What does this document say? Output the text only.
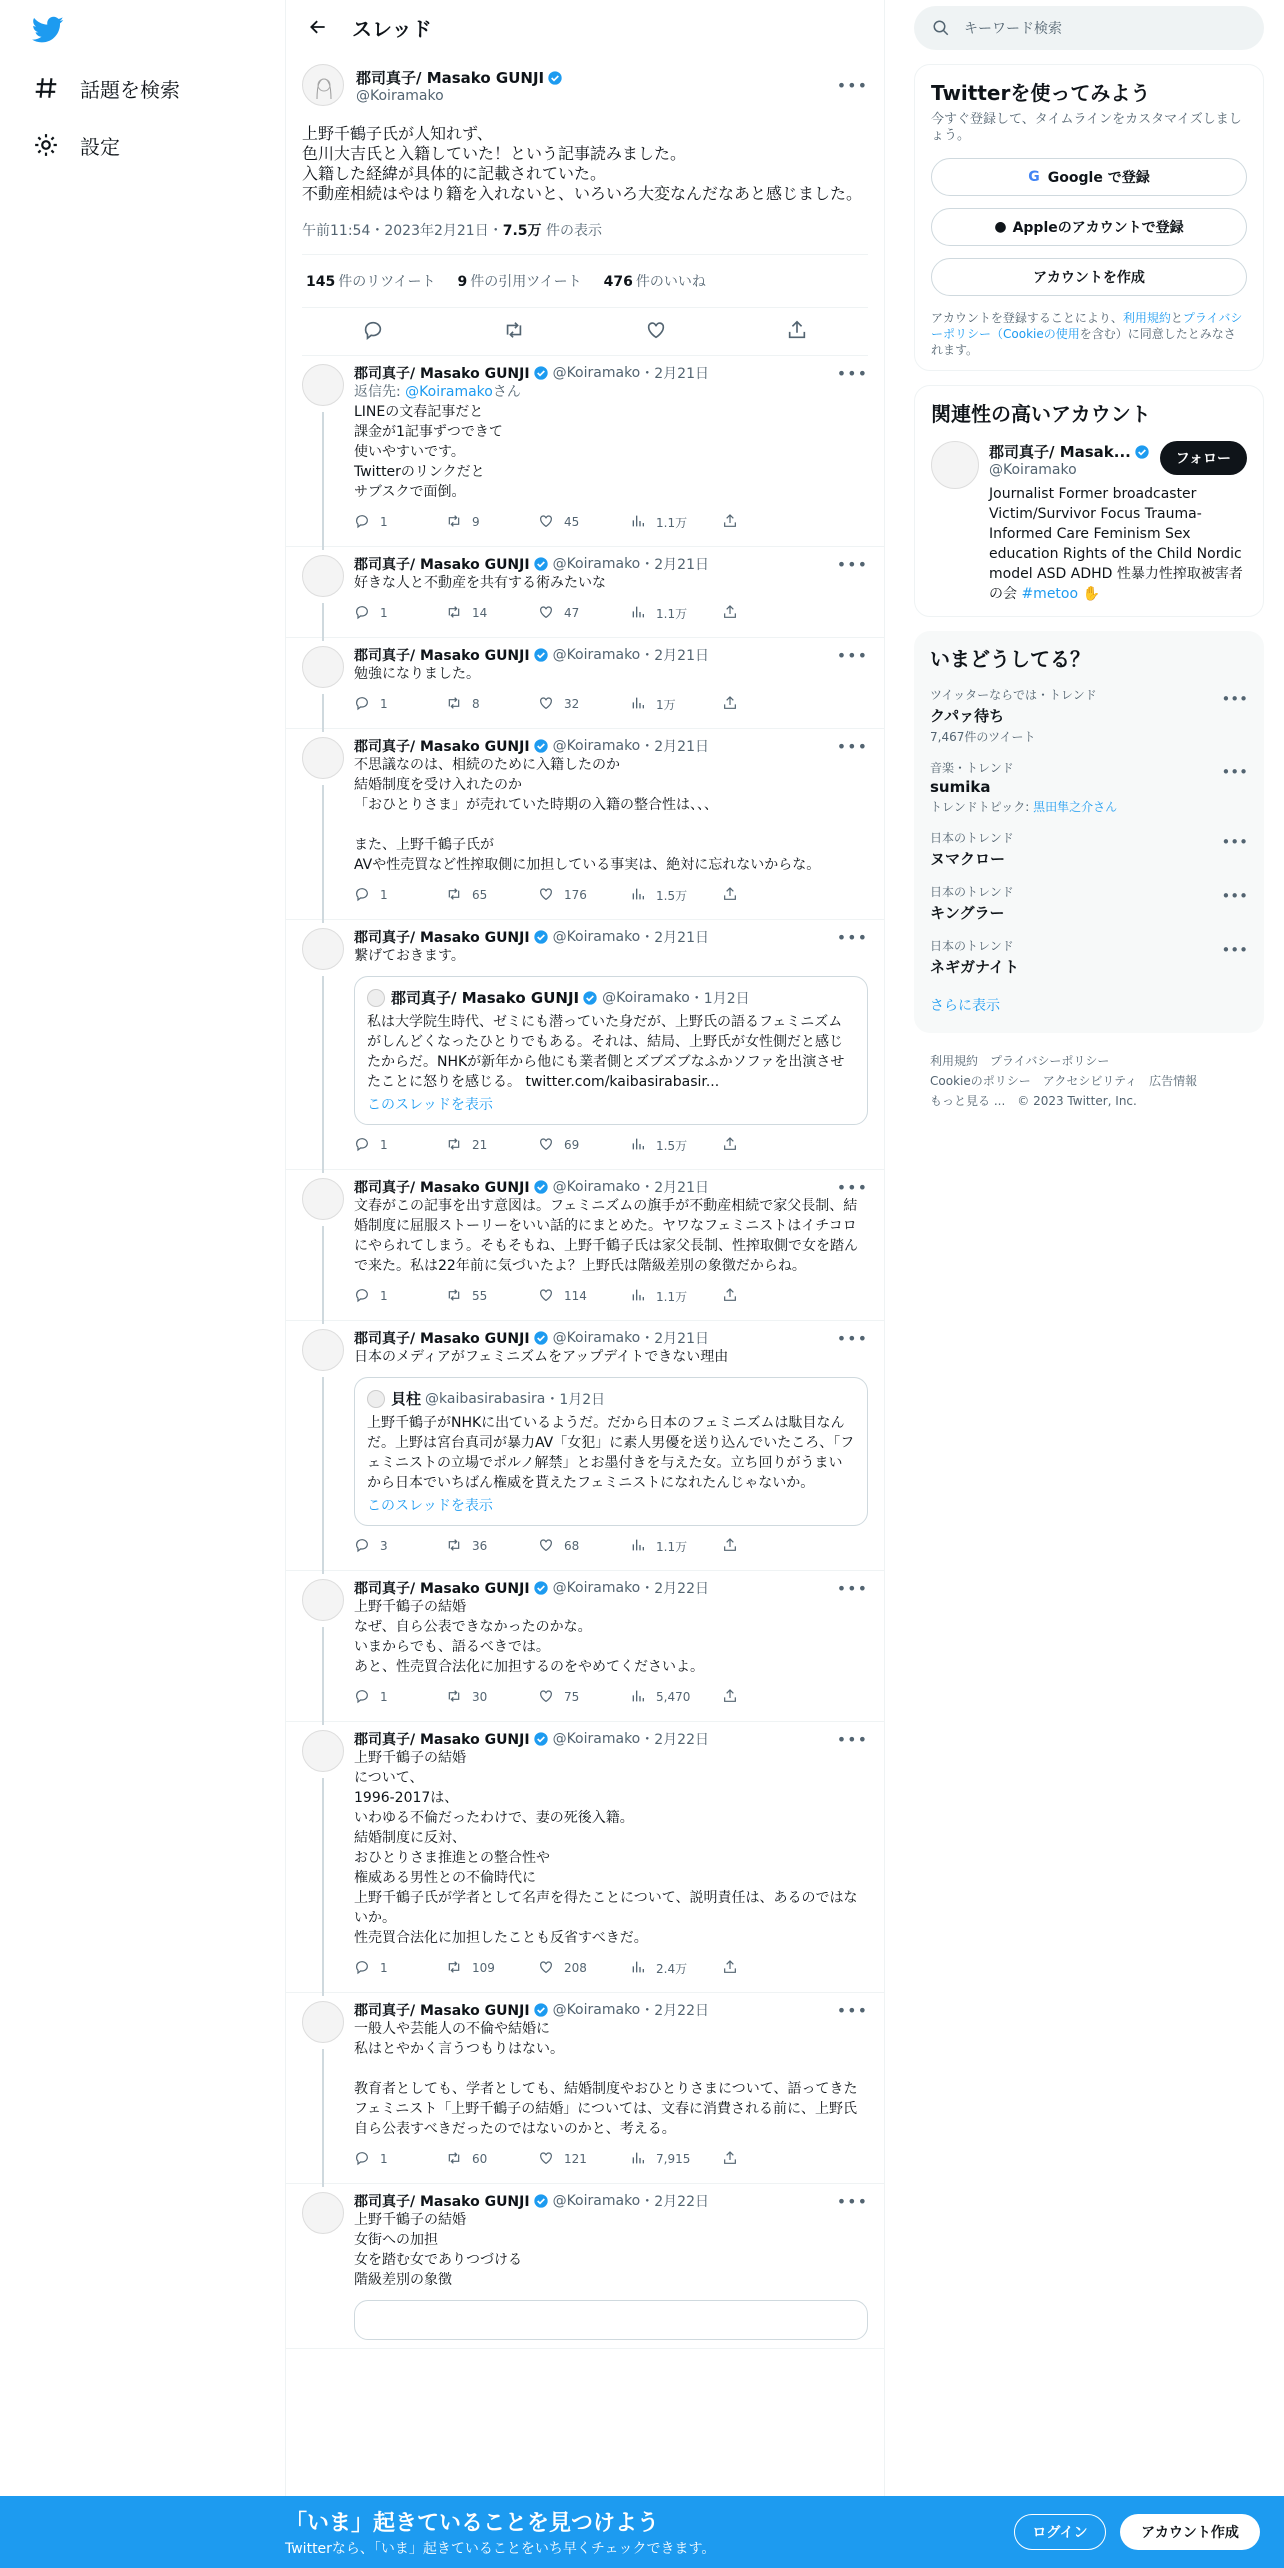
話題を検索
設定
スレッド
郡司真子/ Masako GUNJI
@Koiramako
•••
上野千鶴子氏が人知れず、
色川大吉氏と入籍していた！という記事読みました。
入籍した経緯が具体的に記載されていた。
不動産相続はやはり籍を入れないと、いろいろ大変なんだなあと感じました。
午前11:54・2023年2月21日・7.5万 件の表示
145 件のリツイート 9 件の引用ツイート 476 件のいいね
郡司真子/ Masako GUNJI @Koiramako ・2月21日	•••
返信先: @Koiramakoさん
LINEの文春記事だと
課金が1記事ずつできて
使いやすいです。
Twitterのリンクだと
サブスクで面倒。
1	9	45	1.1万
郡司真子/ Masako GUNJI @Koiramako ・2月21日	•••
好きな人と不動産を共有する術みたいな
1	14	47	1.1万
郡司真子/ Masako GUNJI @Koiramako ・2月21日	•••
勉強になりました。
1	8	32	1万
郡司真子/ Masako GUNJI @Koiramako ・2月21日	•••
不思議なのは、相続のために入籍したのか
結婚制度を受け入れたのか
「おひとりさま」が売れていた時期の入籍の整合性は、、、

また、上野千鶴子氏が
AVや性売買など性搾取側に加担している事実は、絶対に忘れないからな。
1	65	176	1.5万
郡司真子/ Masako GUNJI @Koiramako ・2月21日	•••
繋げておきます。
郡司真子/ Masako GUNJI @Koiramako ・1月2日
私は大学院生時代、ゼミにも潜っていた身だが、上野氏の語るフェミニズムがしんどくなったひとりでもある。それは、結局、上野氏が女性側だと感じたからだ。NHKが新年から他にも業者側とズブズブなふかソファを出演させたことに怒りを感じる。 twitter.com/kaibasirabasir...
このスレッドを表示
1	21	69	1.5万
郡司真子/ Masako GUNJI @Koiramako ・2月21日	•••
文春がこの記事を出す意図は。フェミニズムの旗手が不動産相続で家父長制、結婚制度に屈服ストーリーをいい話的にまとめた。ヤワなフェミニストはイチコロにやられてしまう。そもそもね、上野千鶴子氏は家父長制、性搾取側で女を踏んで来た。私は22年前に気づいたよ？上野氏は階級差別の象徴だからね。
1	55	114	1.1万
郡司真子/ Masako GUNJI @Koiramako ・2月21日	•••
日本のメディアがフェミニズムをアップデイトできない理由
貝柱 @kaibasirabasira ・1月2日
上野千鶴子がNHKに出ているようだ。だから日本のフェミニズムは駄目なんだ。上野は宮台真司が暴力AV「女犯」に素人男優を送り込んでいたころ、「フェミニストの立場でポルノ解禁」とお墨付きを与えた女。立ち回りがうまいから日本でいちばん権威を貰えたフェミニストになれたんじゃないか。
このスレッドを表示
3	36	68	1.1万
郡司真子/ Masako GUNJI @Koiramako ・2月22日	•••
上野千鶴子の結婚
なぜ、自ら公表できなかったのかな。
いまからでも、語るべきでは。
あと、性売買合法化に加担するのをやめてくださいよ。
1	30	75	5,470
郡司真子/ Masako GUNJI @Koiramako ・2月22日	•••
上野千鶴子の結婚
について、
1996-2017は、
いわゆる不倫だったわけで、妻の死後入籍。
結婚制度に反対、
おひとりさま推進との整合性や
権威ある男性との不倫時代に
上野千鶴子氏が学者として名声を得たことについて、説明責任は、あるのではないか。
性売買合法化に加担したことも反省すべきだ。
1	109	208	2.4万
郡司真子/ Masako GUNJI @Koiramako ・2月22日	•••
一般人や芸能人の不倫や結婚に
私はとやかく言うつもりはない。

教育者としても、学者としても、結婚制度やおひとりさまについて、語ってきた
フェミニスト「上野千鶴子の結婚」については、文春に消費される前に、上野氏自ら公表すべきだったのではないのかと、考える。
1	60	121	7,915
郡司真子/ Masako GUNJI @Koiramako ・2月22日	•••
上野千鶴子の結婚
女街への加担
女を踏む女でありつづける
階級差別の象徴
キーワード検索
Twitterを使ってみよう
今すぐ登録して、タイムラインをカスタマイズしましょう。
G Google で登録
● Appleのアカウントで登録
アカウントを作成
アカウントを登録することにより、利用規約とプライバシーポリシー（Cookieの使用を含む）に同意したとみなされます。
関連性の高いアカウント
郡司真子/ Masak...
@Koiramako
フォロー
Journalist Former broadcaster Victim/Survivor Focus Trauma-Informed Care Feminism Sex education Rights of the Child Nordic model ASD ADHD 性暴力性搾取被害者の会 #metoo ✋
いまどうしてる？
ツイッターならでは・トレンド
クパァ待ち
7,467件のツイート
•••
音楽・トレンド
sumika
トレンドトピック: 黒田隼之介さん
•••
日本のトレンド
ヌマクロー
•••
日本のトレンド
キングラー
•••
日本のトレンド
ネギガナイト
•••
さらに表示
利用規約　プライバシーポリシー
Cookieのポリシー　アクセシビリティ　広告情報
もっと見る ...　© 2023 Twitter, Inc.
「いま」起きていることを見つけよう
Twitterなら、「いま」起きていることをいち早くチェックできます。
ログイン	アカウント作成
